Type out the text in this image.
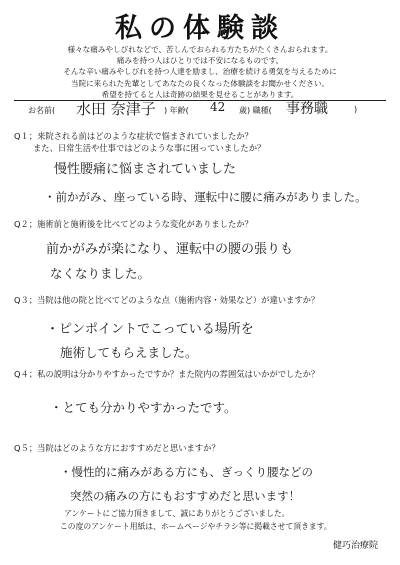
私の体験談
様々な痛みやしびれなどで、苦しんでおられる方たちがたくさんおられます。
痛みを持つ人はひとりでは不安になるものです。
そんな辛い痛みやしびれを持つ人達を励まし、治療を続ける勇気を与えるために
当院に来られた先輩としてあなたの良くなった体験談をお聞かせください。
希望を持てると人は奇跡の結果を見せることがあります。
お名前( 水田 奈津子 ) 年齢( 42 歳) 職種( 事務職	)
Q１；来院される前はどのような症状で悩まされていましたか？
また、日常生活や仕事ではどのような事に困っていましたか？
慢性腰痛に悩まされていました
・前かがみ、座っている時、運転中に腰に痛みがありました。
Q２；施術前と施術後を比べてどのような変化がありましたか？
前かがみが楽になり、運転中の腰の張りも
なくなりました。
Q３；当院は他の院と比べてどのような点（施術内容・効果など）が違いますか？
・ピンポイントでこっている場所を
施術してもらえました。
Q４；私の説明は分かりやすかったですか？また院内の雰囲気はいかがでしたか？
・とても分かりやすかったです。
Q５；当院はどのような方におすすめだと思いますか？
・慢性的に痛みがある方にも、ぎっくり腰などの
突然の痛みの方にもおすすめだと思います！
アンケートにご協力頂きまして、誠にありがとうございました。
この度のアンケート用紙は、ホームページやチラシ等に掲載させて頂きます。
健巧治療院
